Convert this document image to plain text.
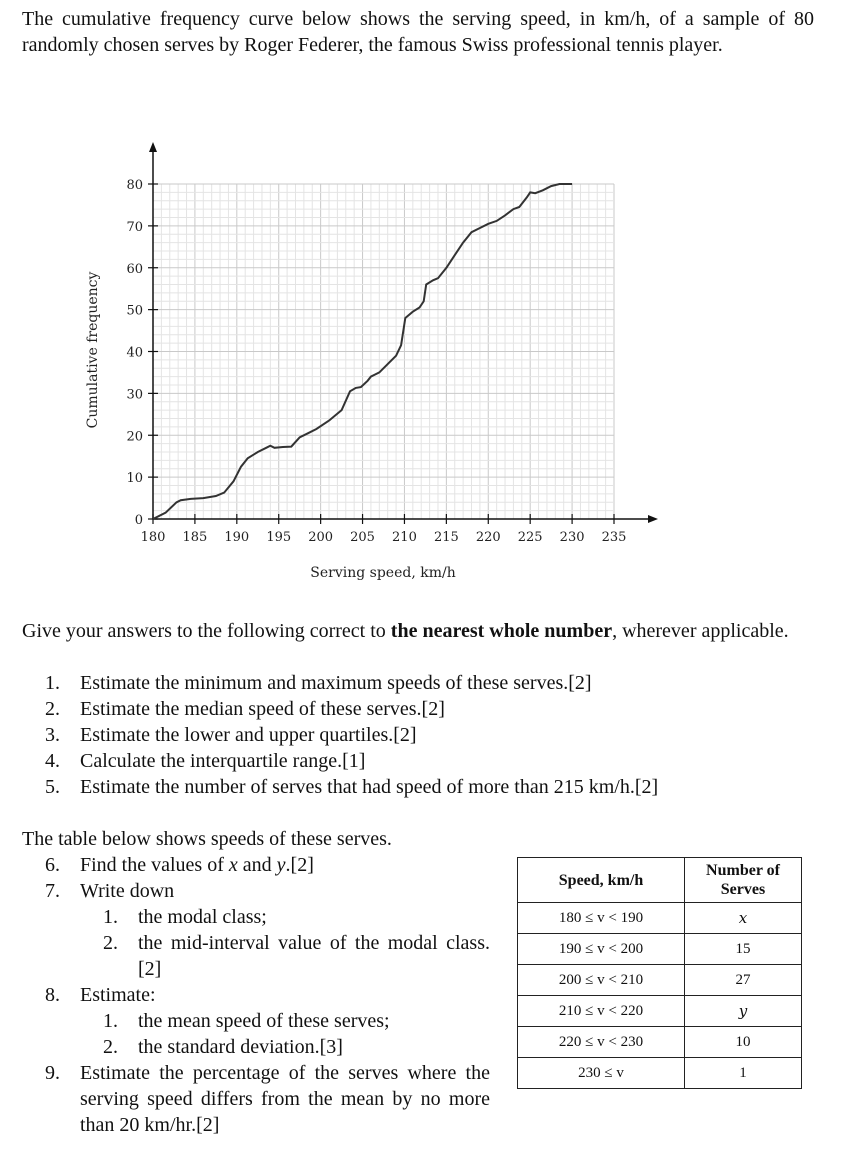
The cumulative frequency curve below shows the serving speed, in km/h, of a sample of 80 randomly chosen serves by Roger Federer, the famous Swiss professional tennis player.
180 185 190 195 200 205 210 215 220 225 230 235
0
10
20
30
40
50
60
70
80
Serving speed, km/h
Cumulative frequency
Give your answers to the following correct to the nearest whole number, wherever applicable.
1. Estimate the minimum and maximum speeds of these serves.[2]
2. Estimate the median speed of these serves.[2]
3. Estimate the lower and upper quartiles.[2]
4. Calculate the interquartile range.[1]
5. Estimate the number of serves that had speed of more than 215 km/h.[2]
The table below shows speeds of these serves.
6. Find the values of x and y.[2]
7. Write down
1. the modal class;
2. the mid-interval value of the modal class.[2]
8. Estimate:
1. the mean speed of these serves;
2. the standard deviation.[3]
9. Estimate the percentage of the serves where the serving speed differs from the mean by no more than 20 km/hr.[2]
Speed, km/h	Number of Serves
180 ≤ v < 190	x
190 ≤ v < 200	15
200 ≤ v < 210	27
210 ≤ v < 220	y
220 ≤ v < 230	10
230 ≤ v	1
